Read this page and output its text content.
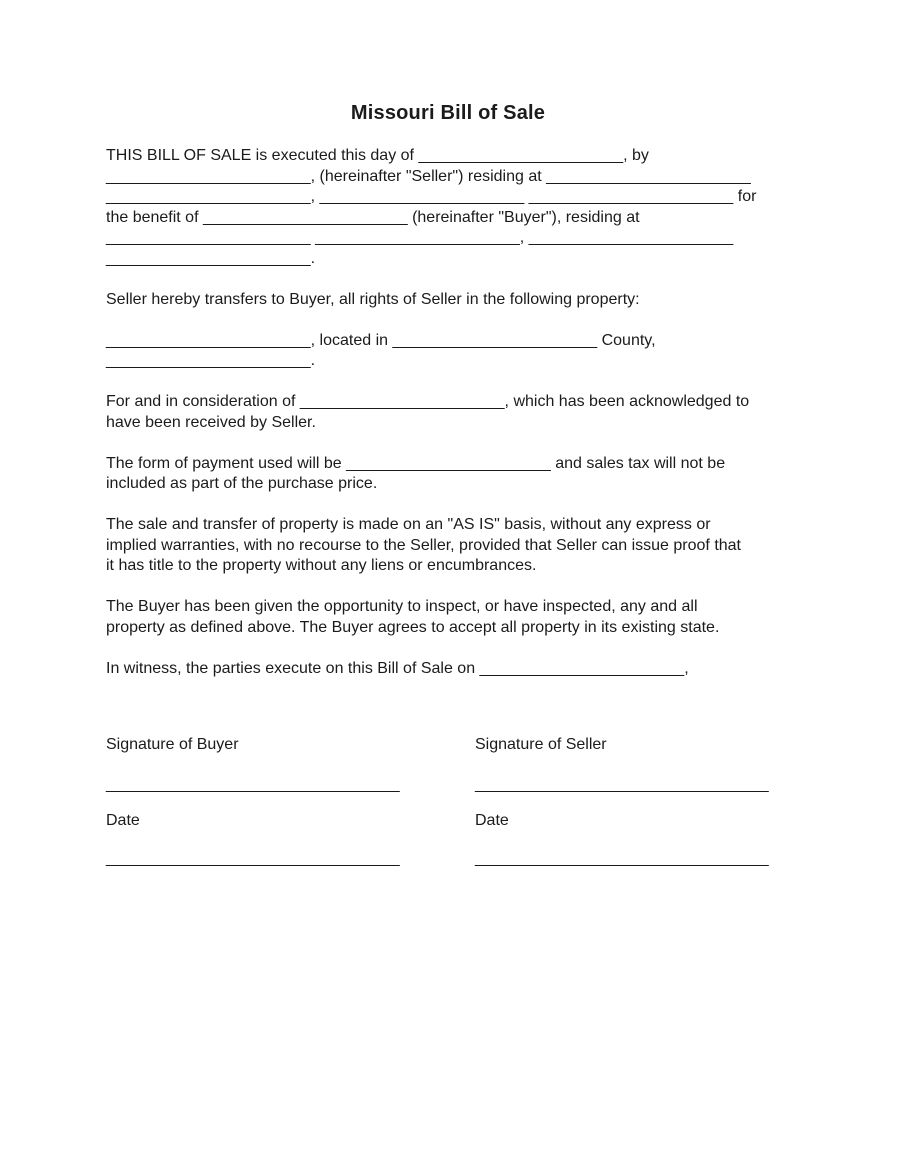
Missouri Bill of Sale
THIS BILL OF SALE is executed this day of _______________________, by
_______________________, (hereinafter "Seller") residing at _______________________
_______________________, _______________________ _______________________ for
the benefit of _______________________ (hereinafter "Buyer"), residing at
_______________________ _______________________, _______________________
_______________________.
Seller hereby transfers to Buyer, all rights of Seller in the following property:
_______________________, located in _______________________ County,
_______________________.
For and in consideration of _______________________, which has been acknowledged to
have been received by Seller.
The form of payment used will be _______________________ and sales tax will not be
included as part of the purchase price.
The sale and transfer of property is made on an "AS IS" basis, without any express or
implied warranties, with no recourse to the Seller, provided that Seller can issue proof that
it has title to the property without any liens or encumbrances.
The Buyer has been given the opportunity to inspect, or have inspected, any and all
property as defined above. The Buyer agrees to accept all property in its existing state.
In witness, the parties execute on this Bill of Sale on _______________________,
Signature of Buyer
_________________________________
Date
_________________________________
Signature of Seller
_________________________________
Date
_________________________________
